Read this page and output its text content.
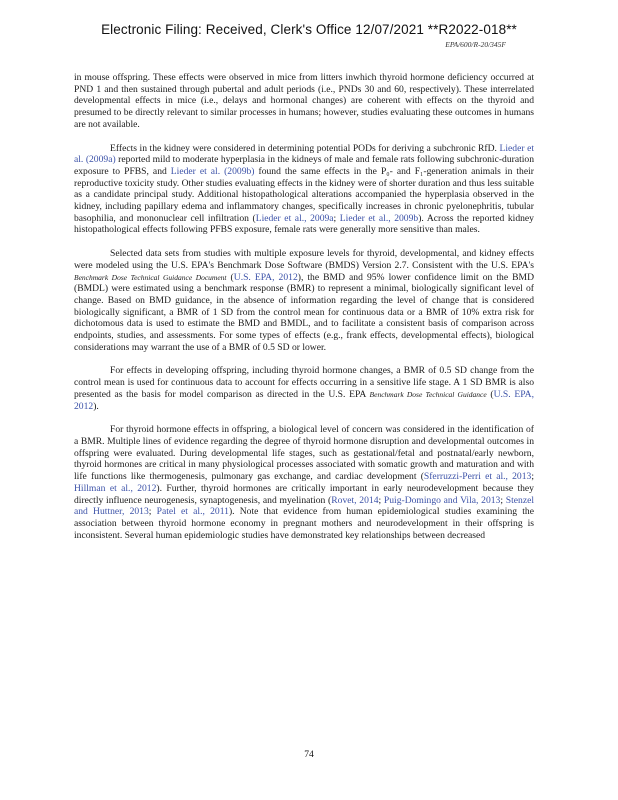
Electronic Filing: Received, Clerk's Office 12/07/2021 **R2022-018**
EPA/600/R-20/345F

in mouse offspring. These effects were observed in mice from litters inwhich thyroid hormone deficiency occurred at PND 1 and then sustained through pubertal and adult periods (i.e., PNDs 30 and 60, respectively). These interrelated developmental effects in mice (i.e., delays and hormonal changes) are coherent with effects on the thyroid and presumed to be directly relevant to similar processes in humans; however, studies evaluating these outcomes in humans are not available.

Effects in the kidney were considered in determining potential PODs for deriving a subchronic RfD. Lieder et al. (2009a) reported mild to moderate hyperplasia in the kidneys of male and female rats following subchronic-duration exposure to PFBS, and Lieder et al. (2009b) found the same effects in the P₀- and F₁-generation animals in their reproductive toxicity study. Other studies evaluating effects in the kidney were of shorter duration and thus less suitable as a candidate principal study. Additional histopathological alterations accompanied the hyperplasia observed in the kidney, including papillary edema and inflammatory changes, specifically increases in chronic pyelonephritis, tubular basophilia, and mononuclear cell infiltration (Lieder et al., 2009a; Lieder et al., 2009b). Across the reported kidney histopathological effects following PFBS exposure, female rats were generally more sensitive than males.

Selected data sets from studies with multiple exposure levels for thyroid, developmental, and kidney effects were modeled using the U.S. EPA's Benchmark Dose Software (BMDS) Version 2.7. Consistent with the U.S. EPA's Benchmark Dose Technical Guidance Document (U.S. EPA, 2012), the BMD and 95% lower confidence limit on the BMD (BMDL) were estimated using a benchmark response (BMR) to represent a minimal, biologically significant level of change. Based on BMD guidance, in the absence of information regarding the level of change that is considered biologically significant, a BMR of 1 SD from the control mean for continuous data or a BMR of 10% extra risk for dichotomous data is used to estimate the BMD and BMDL, and to facilitate a consistent basis of comparison across endpoints, studies, and assessments. For some types of effects (e.g., frank effects, developmental effects), biological considerations may warrant the use of a BMR of 0.5 SD or lower.

For effects in developing offspring, including thyroid hormone changes, a BMR of 0.5 SD change from the control mean is used for continuous data to account for effects occurring in a sensitive life stage. A 1 SD BMR is also presented as the basis for model comparison as directed in the U.S. EPA Benchmark Dose Technical Guidance (U.S. EPA, 2012).

For thyroid hormone effects in offspring, a biological level of concern was considered in the identification of a BMR. Multiple lines of evidence regarding the degree of thyroid hormone disruption and developmental outcomes in offspring were evaluated. During developmental life stages, such as gestational/fetal and postnatal/early newborn, thyroid hormones are critical in many physiological processes associated with somatic growth and maturation and with life functions like thermogenesis, pulmonary gas exchange, and cardiac development (Sferruzzi-Perri et al., 2013; Hillman et al., 2012). Further, thyroid hormones are critically important in early neurodevelopment because they directly influence neurogenesis, synaptogenesis, and myelination (Rovet, 2014; Puig-Domingo and Vila, 2013; Stenzel and Huttner, 2013; Patel et al., 2011). Note that evidence from human epidemiological studies examining the association between thyroid hormone economy in pregnant mothers and neurodevelopment in their offspring is inconsistent. Several human epidemiologic studies have demonstrated key relationships between decreased

74
